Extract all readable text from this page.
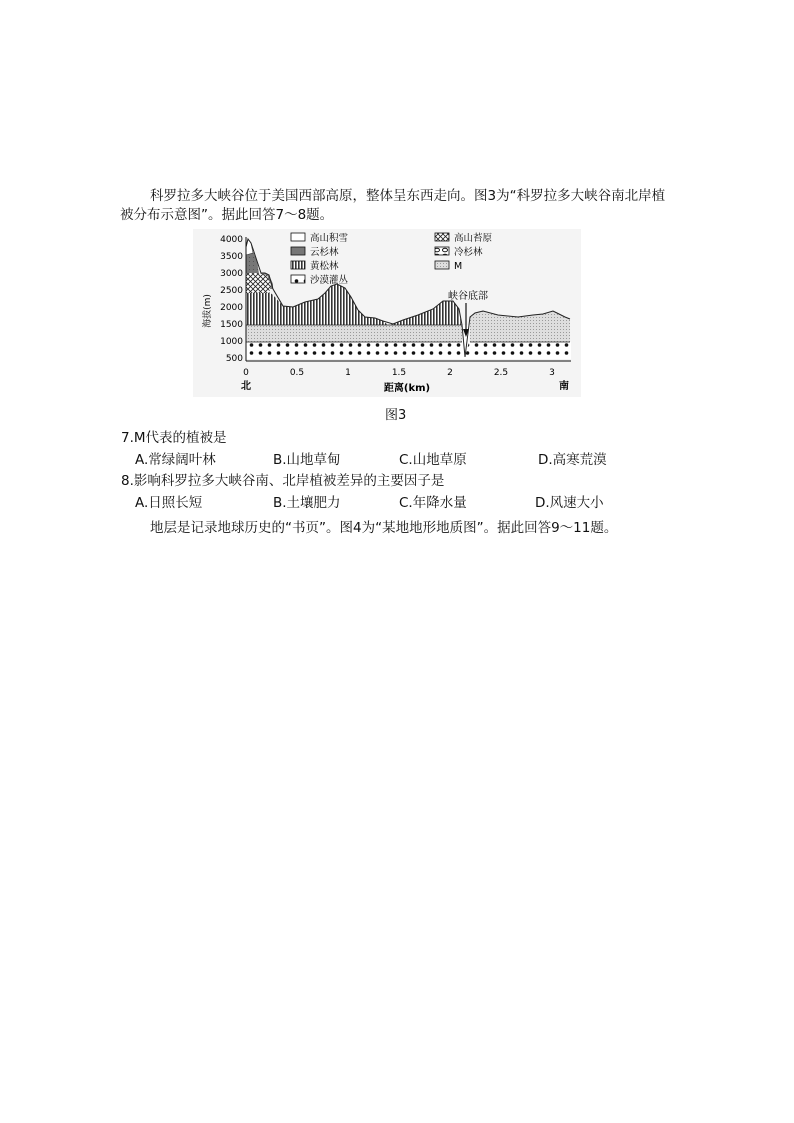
科罗拉多大峡谷位于美国西部高原，整体呈东西走向。图3为“科罗拉多大峡谷南北岸植
被分布示意图”。据此回答7～8题。
4000
3500
3000
2500
2000
1500
1000
500
0	0.5	1	1.5	2	2.5	3
海拔(m)
距离(km)
北	南
峡谷底部
高山积雪	高山苔原
云杉林	冷杉林
黄松林	M
沙漠灌丛
图3
7.M代表的植被是
A.常绿阔叶林	B.山地草甸	C.山地草原	D.高寒荒漠
8.影响科罗拉多大峡谷南、北岸植被差异的主要因子是
A.日照长短	B.土壤肥力	C.年降水量	D.风速大小
地层是记录地球历史的“书页”。图4为“某地地形地质图”。据此回答9～11题。
